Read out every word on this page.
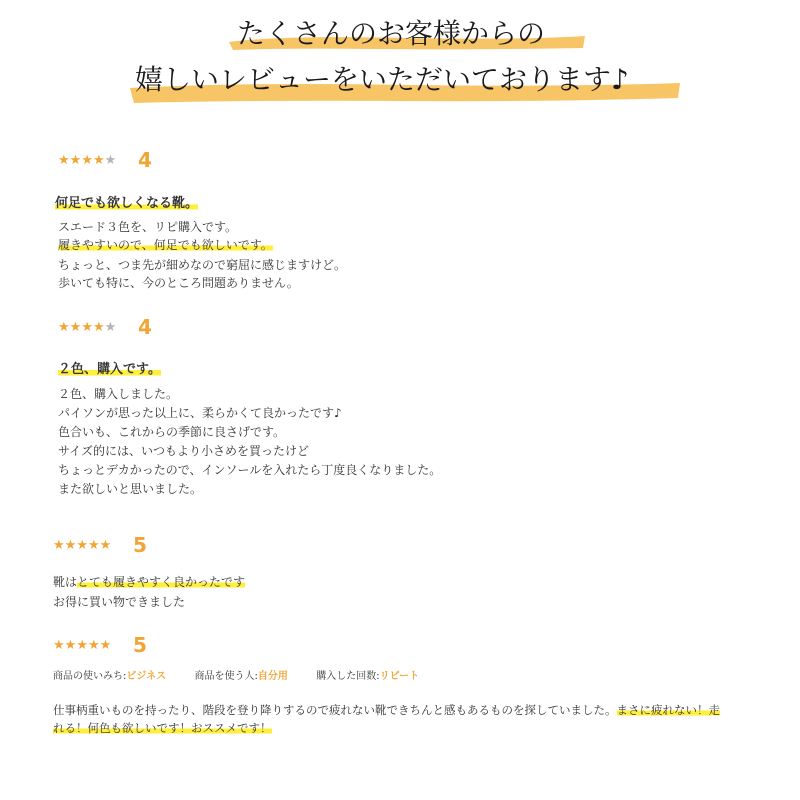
たくさんのお客様からの
嬉しいレビューをいただいております♪
★★★★★ 4
何足でも欲しくなる靴。
スエード３色を、リピ購入です。
履きやすいので、何足でも欲しいです。
ちょっと、つま先が細めなので窮屈に感じますけど。
歩いても特に、今のところ問題ありません。
★★★★★ 4
２色、購入です。
２色、購入しました。
パイソンが思った以上に、柔らかくて良かったです♪
色合いも、これからの季節に良さげです。
サイズ的には、いつもより小さめを買ったけど
ちょっとデカかったので、インソールを入れたら丁度良くなりました。
また欲しいと思いました。
★★★★★ 5
靴はとても履きやすく良かったです
お得に買い物できました
★★★★★ 5
商品の使いみち:ビジネス	商品を使う人:自分用	購入した回数:リピート
仕事柄重いものを持ったり、階段を登り降りするので疲れない靴できちんと感もあるものを探していました。まさに疲れない！走
れる！何色も欲しいです！おススメです！
